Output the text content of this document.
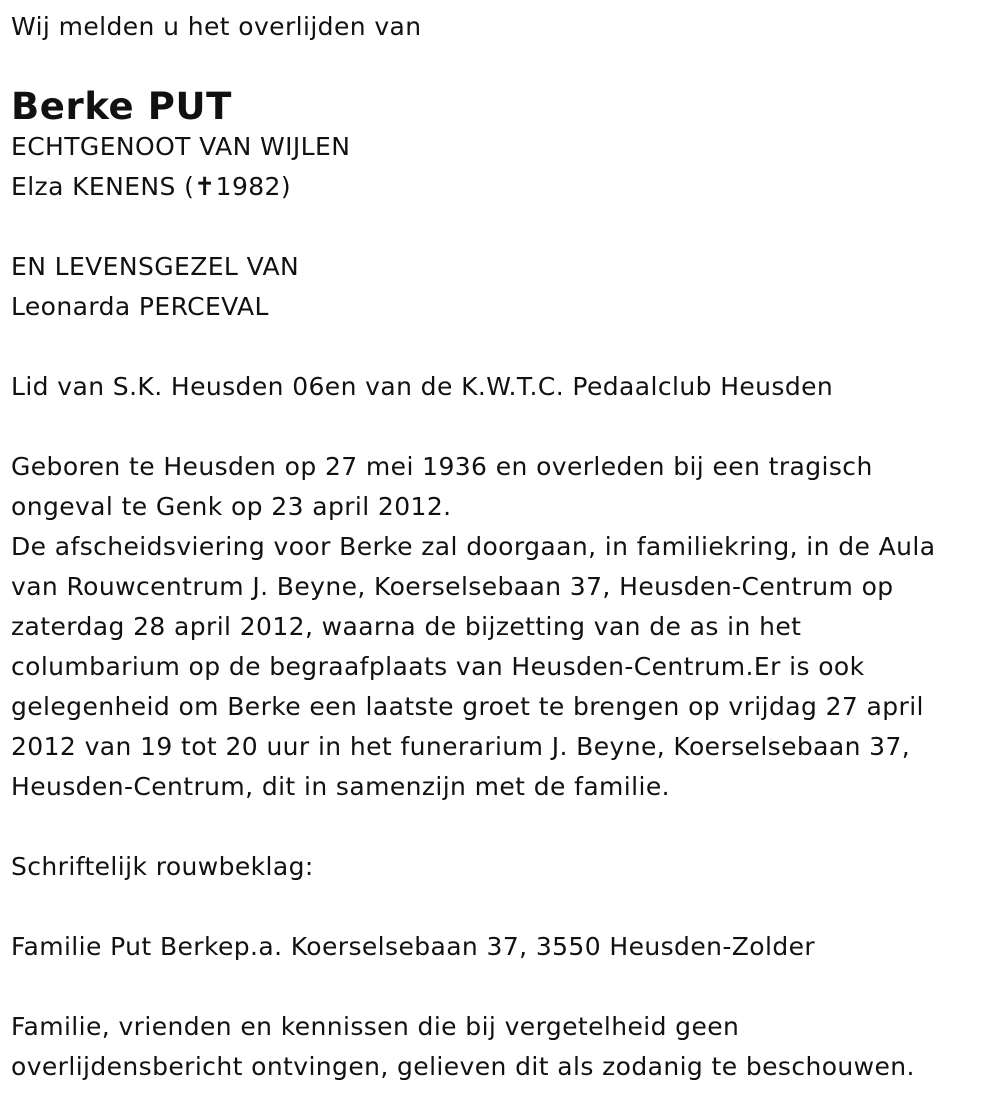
Wij melden u het overlijden van
Berke PUT
ECHTGENOOT VAN WIJLEN
Elza KENENS (✝1982)
EN LEVENSGEZEL VAN
Leonarda PERCEVAL
Lid van S.K. Heusden 06en van de K.W.T.C. Pedaalclub Heusden
Geboren te Heusden op 27 mei 1936 en overleden bij een tragisch
ongeval te Genk op 23 april 2012.
De afscheidsviering voor Berke zal doorgaan, in familiekring, in de Aula
van Rouwcentrum J. Beyne, Koerselsebaan 37, Heusden-Centrum op
zaterdag 28 april 2012, waarna de bijzetting van de as in het
columbarium op de begraafplaats van Heusden-Centrum.Er is ook
gelegenheid om Berke een laatste groet te brengen op vrijdag 27 april
2012 van 19 tot 20 uur in het funerarium J. Beyne, Koerselsebaan 37,
Heusden-Centrum, dit in samenzijn met de familie.
Schriftelijk rouwbeklag:
Familie Put Berkep.a. Koerselsebaan 37, 3550 Heusden-Zolder
Familie, vrienden en kennissen die bij vergetelheid geen
overlijdensbericht ontvingen, gelieven dit als zodanig te beschouwen.
